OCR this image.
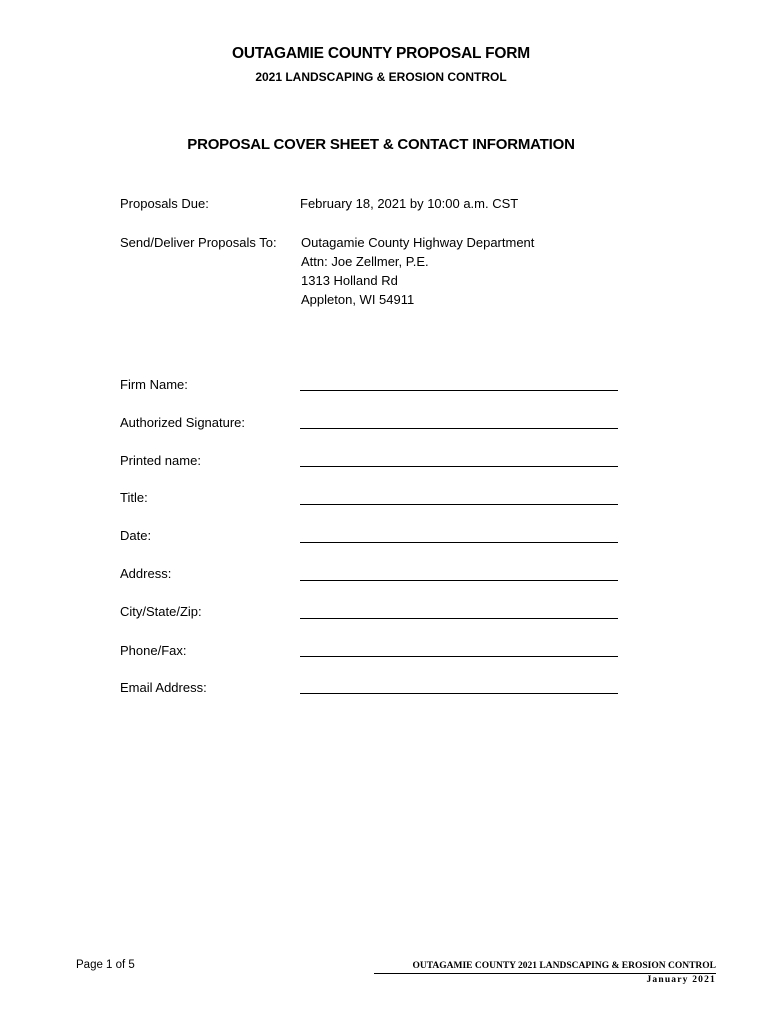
OUTAGAMIE COUNTY PROPOSAL FORM
2021 LANDSCAPING & EROSION CONTROL
PROPOSAL COVER SHEET & CONTACT INFORMATION
Proposals Due:	February 18, 2021 by 10:00 a.m. CST
Send/Deliver Proposals To: Outagamie County Highway Department
Attn: Joe Zellmer, P.E.
1313 Holland Rd
Appleton, WI 54911
Firm Name:
Authorized Signature:
Printed name:
Title:
Date:
Address:
City/State/Zip:
Phone/Fax:
Email Address:
Page 1 of 5	OUTAGAMIE COUNTY 2021 LANDSCAPING & EROSION CONTROL
January 2021
